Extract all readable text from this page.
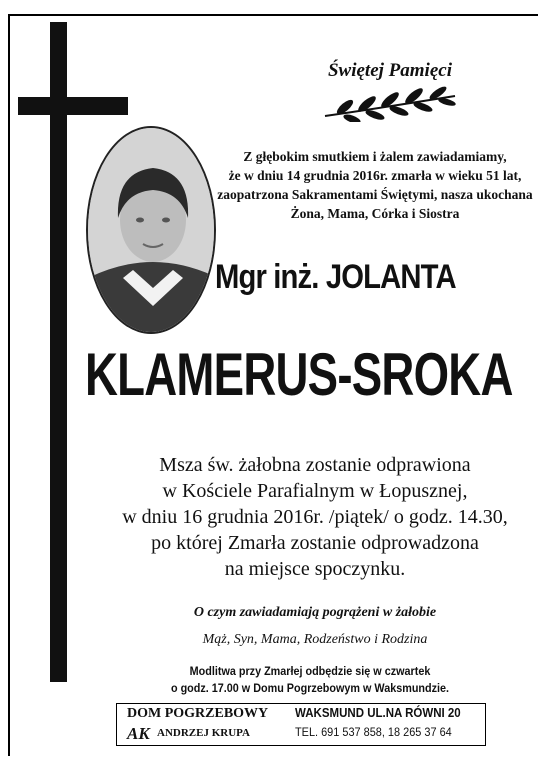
Świętej Pamięci
Z głębokim smutkiem i żalem zawiadamiamy,
że w dniu 14 grudnia 2016r. zmarła w wieku 51 lat,
zaopatrzona Sakramentami Świętymi, nasza ukochana
Żona, Mama, Córka i Siostra
Mgr inż. JOLANTA
KLAMERUS-SROKA
Msza św. żałobna zostanie odprawiona
w Kościele Parafialnym w Łopusznej,
w dniu 16 grudnia 2016r. /piątek/ o godz. 14.30,
po której Zmarła zostanie odprowadzona
na miejsce spoczynku.
O czym zawiadamiają pogrążeni w żałobie
Mąż, Syn, Mama, Rodzeństwo i Rodzina
Modlitwa przy Zmarłej odbędzie się w czwartek
o godz. 17.00 w Domu Pogrzebowym w Waksmundzie.
DOM POGRZEBOWY
AK ANDRZEJ KRUPA
WAKSMUND UL.NA RÓWNI 20
TEL. 691 537 858, 18 265 37 64
